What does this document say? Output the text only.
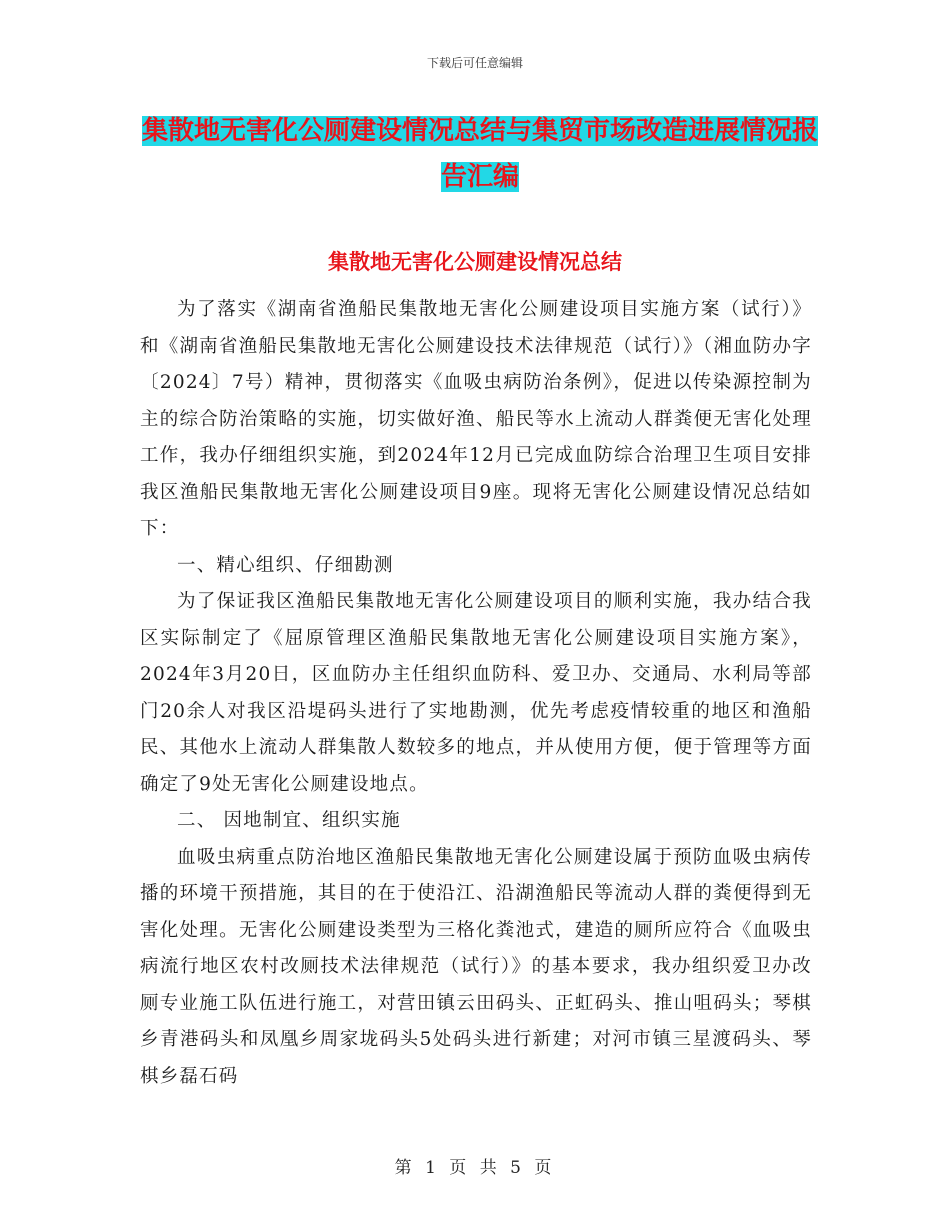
下载后可任意编辑
集散地无害化公厕建设情况总结与集贸市场改造进展情况报告汇编
集散地无害化公厕建设情况总结

为了落实《湖南省渔船民集散地无害化公厕建设项目实施方案（试行）》和《湖南省渔船民集散地无害化公厕建设技术法律规范（试行）》（湘血防办字〔2024〕7号）精神，贯彻落实《血吸虫病防治条例》，促进以传染源控制为主的综合防治策略的实施，切实做好渔、船民等水上流动人群粪便无害化处理工作，我办仔细组织实施，到2024年12月已完成血防综合治理卫生项目安排我区渔船民集散地无害化公厕建设项目9座。现将无害化公厕建设情况总结如下：

一、精心组织、仔细勘测

为了保证我区渔船民集散地无害化公厕建设项目的顺利实施，我办结合我区实际制定了《屈原管理区渔船民集散地无害化公厕建设项目实施方案》，2024年3月20日，区血防办主任组织血防科、爱卫办、交通局、水利局等部门20余人对我区沿堤码头进行了实地勘测，优先考虑疫情较重的地区和渔船民、其他水上流动人群集散人数较多的地点，并从使用方便，便于管理等方面确定了9处无害化公厕建设地点。

二、 因地制宜、组织实施

血吸虫病重点防治地区渔船民集散地无害化公厕建设属于预防血吸虫病传播的环境干预措施，其目的在于使沿江、沿湖渔船民等流动人群的粪便得到无害化处理。无害化公厕建设类型为三格化粪池式，建造的厕所应符合《血吸虫病流行地区农村改厕技术法律规范（试行）》的基本要求，我办组织爱卫办改厕专业施工队伍进行施工，对营田镇云田码头、正虹码头、推山咀码头；琴棋乡青港码头和凤凰乡周家垅码头5处码头进行新建；对河市镇三星渡码头、琴棋乡磊石码

第 1 页 共 5 页
